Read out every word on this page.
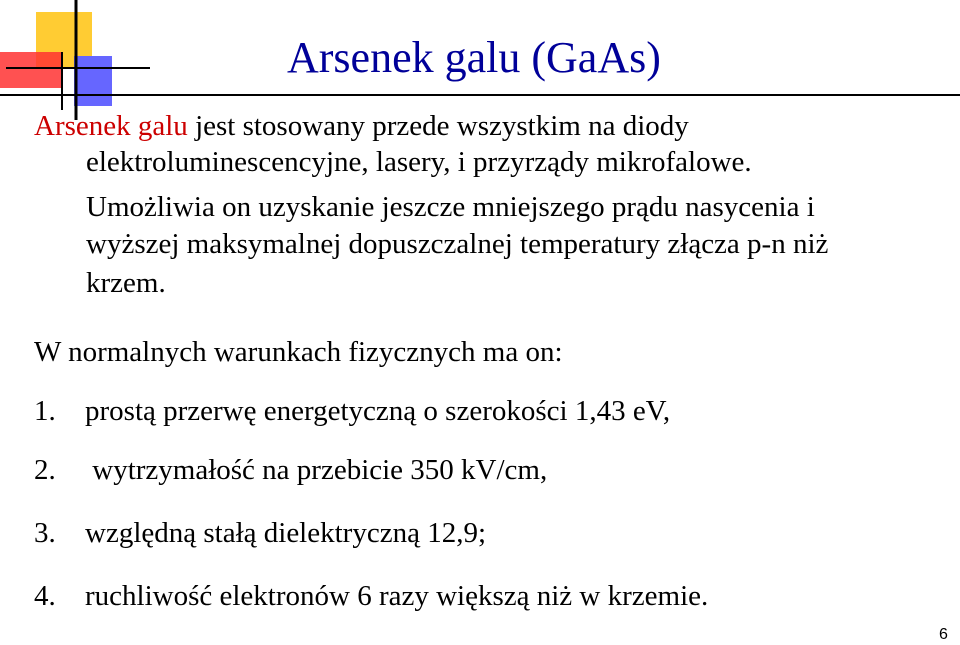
Arsenek galu (GaAs)
Arsenek galu jest stosowany przede wszystkim na diody
elektroluminescencyjne, lasery, i przyrządy mikrofalowe.
Umożliwia on uzyskanie jeszcze mniejszego prądu nasycenia i
wyższej maksymalnej dopuszczalnej temperatury złącza p-n niż
krzem.
W normalnych warunkach fizycznych ma on:
1. prostą przerwę energetyczną o szerokości 1,43 eV,
2. wytrzymałość na przebicie 350 kV/cm,
3. względną stałą dielektryczną 12,9;
4. ruchliwość elektronów 6 razy większą niż w krzemie.
6
